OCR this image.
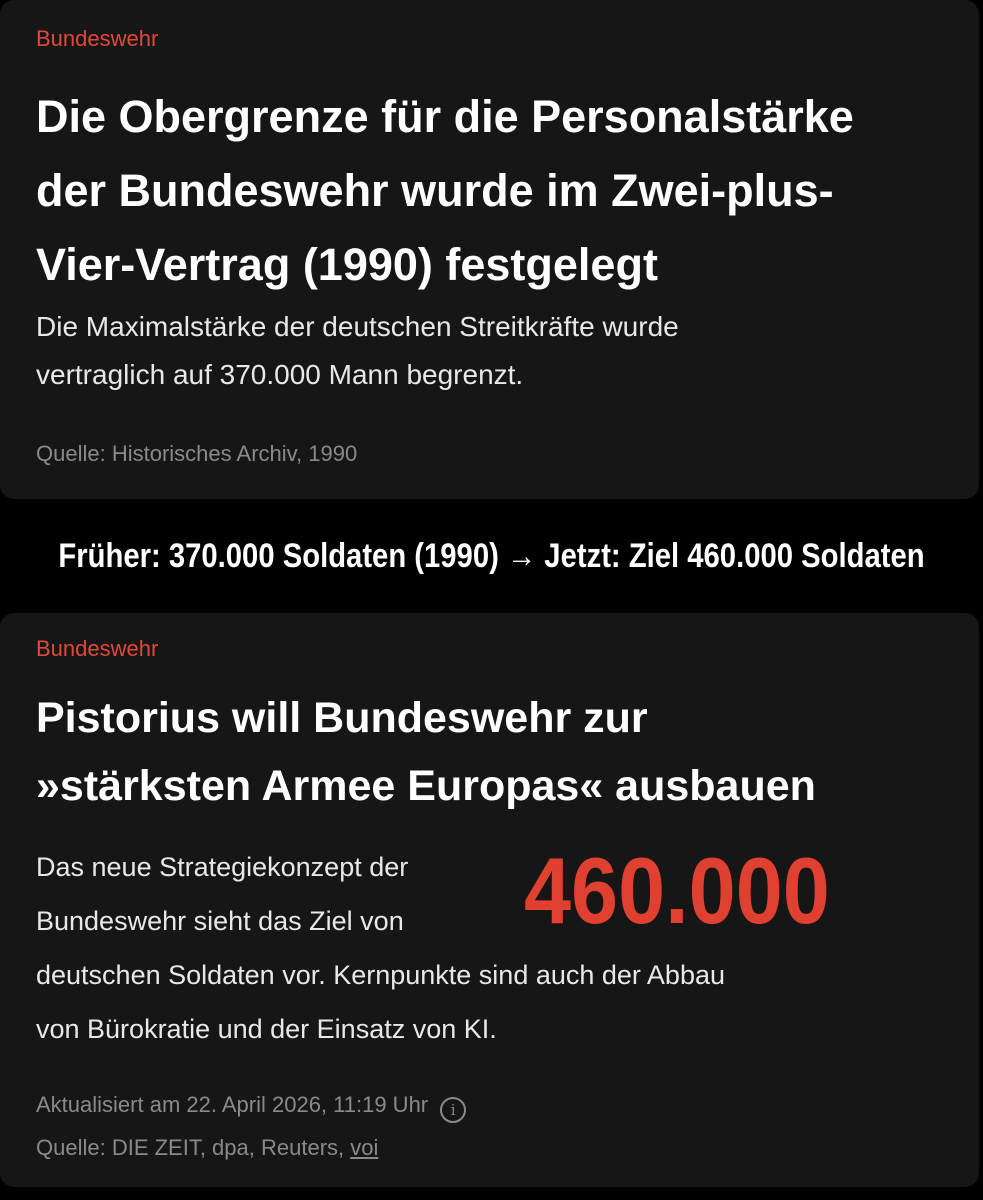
Bundeswehr
Die Obergrenze für die Personalstärke
der Bundeswehr wurde im Zwei-plus-
Vier-Vertrag (1990) festgelegt
Die Maximalstärke der deutschen Streitkräfte wurde
vertraglich auf 370.000 Mann begrenzt.
Quelle: Historisches Archiv, 1990
Früher: 370.000 Soldaten (1990) → Jetzt: Ziel 460.000 Soldaten
Bundeswehr
Pistorius will Bundeswehr zur
»stärksten Armee Europas« ausbauen
Das neue Strategiekonzept der
Bundeswehr sieht das Ziel von
deutschen Soldaten vor. Kernpunkte sind auch der Abbau
von Bürokratie und der Einsatz von KI.
460.000
Aktualisiert am 22. April 2026, 11:19 Uhr i
Quelle: DIE ZEIT, dpa, Reuters, voi
